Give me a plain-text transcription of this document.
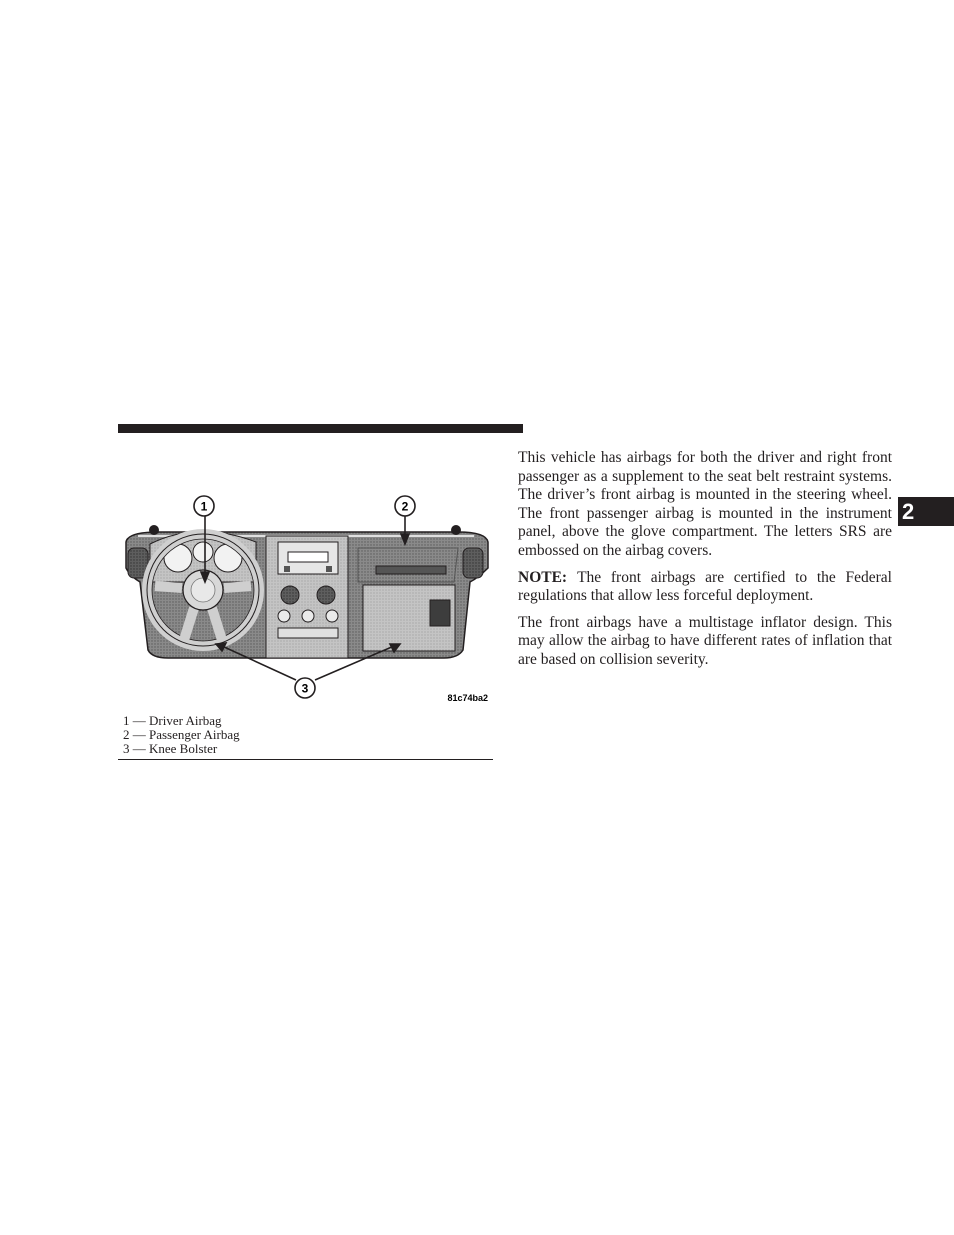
1	2
3
81c74ba2
1 — Driver Airbag
2 — Passenger Airbag
3 — Knee Bolster

This vehicle has airbags for both the driver and right front passenger as a supplement to the seat belt restraint systems. The driver’s front airbag is mounted in the steering wheel. The front passenger airbag is mounted in the instrument panel, above the glove compartment. The letters SRS are embossed on the airbag covers.

NOTE: The front airbags are certified to the Federal regulations that allow less forceful deployment.

The front airbags have a multistage inflator design. This may allow the airbag to have different rates of inflation that are based on collision severity.

2
